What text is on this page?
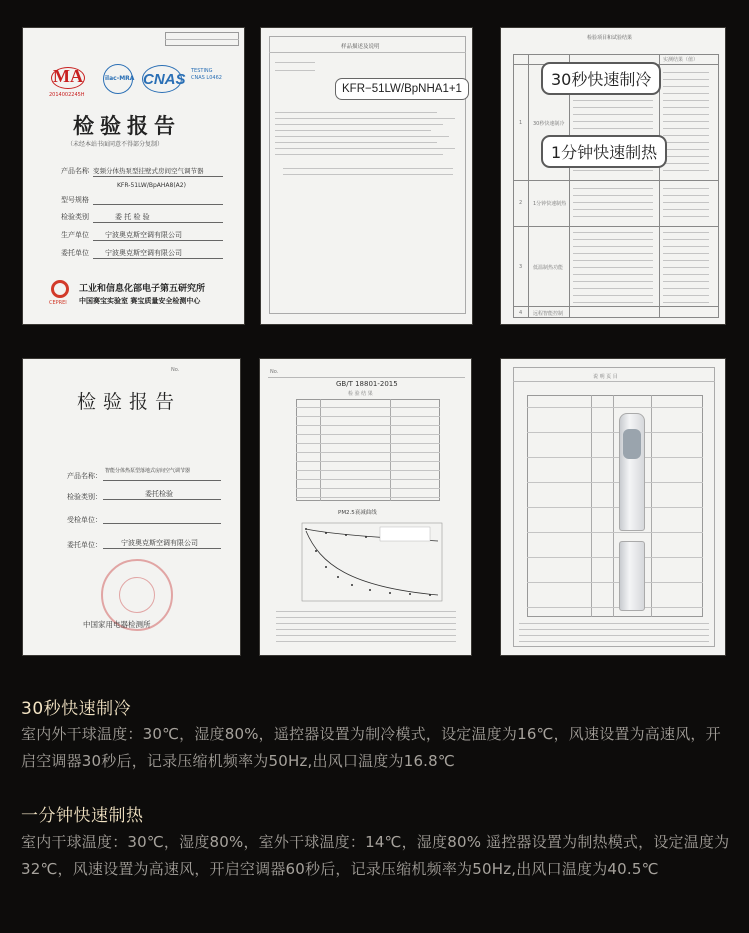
MA
2014002245H
ilac-MRA CNAS TESTING CNAS L0462
检验报告
（未经本站书面同意不得部分复制）
产品名称 变频分体热泵型挂壁式房间空气调节器
KFR-51LW/BpAHA8(A2)
型号规格
检验类别	委 托 检 验
生产单位 宁波奥克斯空调有限公司
委托单位 宁波奥克斯空调有限公司
工业和信息化部电子第五研究所
CEPREI 中国赛宝实验室 赛宝质量安全检测中心
样品描述及说明
KFR−51LW/BpNHA1+1
检验项目和试验结果
实测结果（值）
1 30秒快速制冷
2 1分钟快速制热
3 低温制热功能
4 远程智能控制
30秒快速制冷
1分钟快速制热
No.
检验报告
产品名称：
智能分体热泵型落地式房间空气调节器
检验类别：	委托检验
受检单位：
委托单位：	宁波奥克斯空调有限公司
中国家用电器检测所
No.
GB/T 18801-2015
检 验 结 果
PM2.5衰减曲线
说 明 页 目
30秒快速制冷
室内外干球温度：30℃，湿度80%，遥控器设置为制冷模式，设定温度为16℃，风速设置为高速风，开启空调器30秒后，记录压缩机频率为50Hz,出风口温度为16.8℃
一分钟快速制热
室内干球温度：30℃，湿度80%，室外干球温度：14℃，湿度80% 遥控器设置为制热模式，设定温度为32℃，风速设置为高速风，开启空调器60秒后，记录压缩机频率为50Hz,出风口温度为40.5℃
